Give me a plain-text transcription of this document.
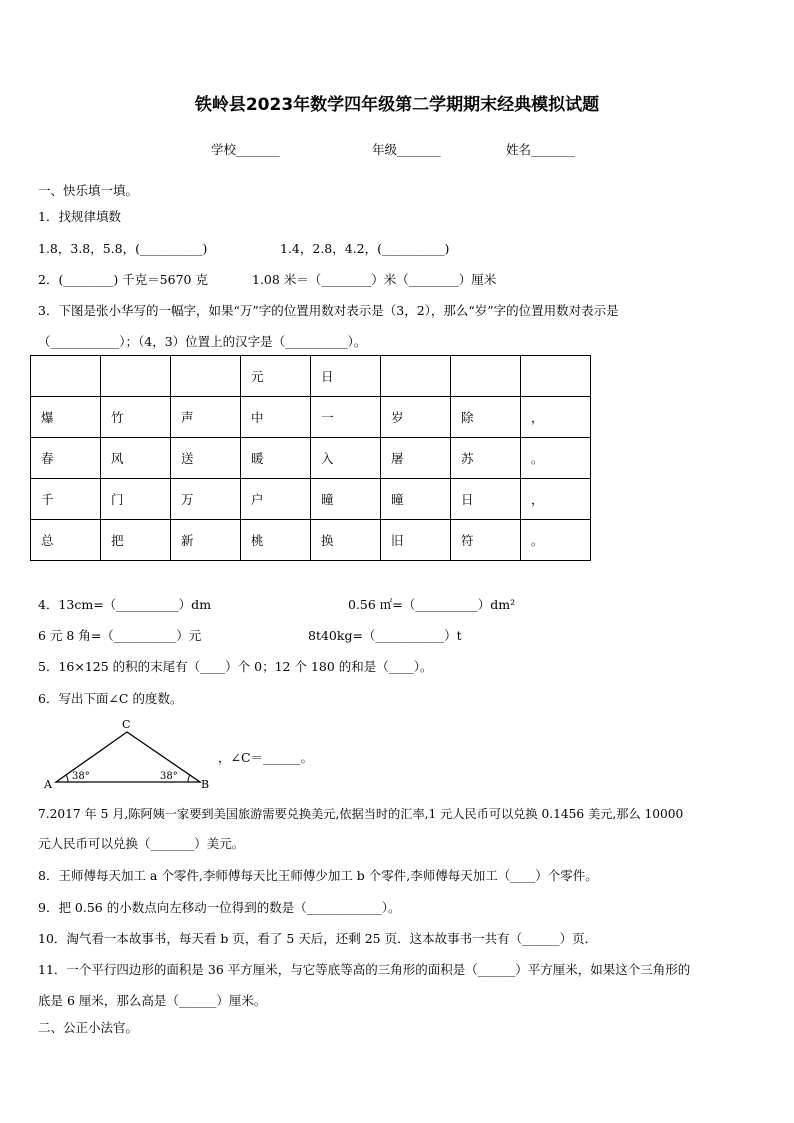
铁岭县2023年数学四年级第二学期期末经典模拟试题
学校_______	年级_______	姓名_______
一、快乐填一填。
1．找规律填数
1.8，3.8，5.8，(__________)	1.4，2.8，4.2，(__________)
2．(________) 千克＝5670 克	1.08 米＝（________）米（________）厘米
3．下图是张小华写的一幅字，如果“万”字的位置用数对表示是（3，2），那么“岁”字的位置用数对表示是
（___________）；（4，3）位置上的汉字是（__________）。
			元	日			
爆	竹	声	中	一	岁	除	，
春	风	送	暖	入	屠	苏	。
千	门	万	户	曈	曈	日	，
总	把	新	桃	换	旧	符	。
4．13cm=（__________）dm	0.56 ㎡=（__________）dm²
6 元 8 角=（__________）元	8t40kg=（___________）t
5．16×125 的积的末尾有（____）个 0；12 个 180 的和是（____）。
6．写出下面∠C 的度数。
A	B
C
38°	38°
，∠C＝______。
7.2017 年 5 月,陈阿姨一家要到美国旅游需要兑换美元,依据当时的汇率,1 元人民币可以兑换 0.1456 美元,那么 10000
元人民币可以兑换（_______）美元。
8．王师傅每天加工 a 个零件,李师傅每天比王师傅少加工 b 个零件,李师傅每天加工（____）个零件。
9．把 0.56 的小数点向左移动一位得到的数是（____________）。
10．淘气看一本故事书，每天看 b 页，看了 5 天后，还剩 25 页．这本故事书一共有（______）页．
11．一个平行四边形的面积是 36 平方厘米，与它等底等高的三角形的面积是（______）平方厘米，如果这个三角形的
底是 6 厘米，那么高是（______）厘米。
二、公正小法官。
